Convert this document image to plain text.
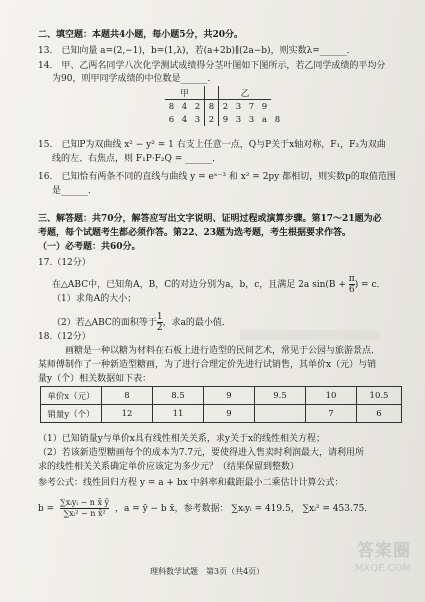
二、填空题：本题共4小题，每小题5分，共20分。
13.　已知向量 a=(2,−1)，b=(1,λ)，若(a+2b)∥(2a−b)，则实数λ=______．
14.　甲、乙两名同学八次化学测试成绩得分茎叶图如下图所示，若乙同学成绩的平均分
为90，则甲同学成绩的中位数是______．
甲				乙				
8	4	2	8	2	3	7	9	
6	4	3	2	9	3	3	a	8
15.　已知P为双曲线 x² − y² = 1 右支上任意一点，Q与P关于x轴对称，F₁，F₂为双曲
线的左、右焦点，则 F₁P·F₂Q = ______．
16.　已知恰有两条不同的直线与曲线 y = eˣ⁻³ 和 x² = 2py 都相切，则实数p的取值范围
是______．
三、解答题：共70分，解答应写出文字说明、证明过程或演算步骤。第17～21题为必
考题，每个试题考生都必须作答。第22、23题为选考题，考生根据要求作答。
（一）必考题：共60分。
17.（12分）
在△ABC中，已知角A，B，C的对边分别为a，b，c，且满足 2a $\sin(B + \frac{\pi}{6}$ ) = c．
（1）求角A的大小；
（2）若△ABC的面积等于 $\frac{1}{2}$ ，求a的最小值．
18.（12分）
　　　画糖是一种以糖为材料在石板上进行造型的民间艺术，常见于公园与旅游景点．
某师傅制作了一种新造型糖画，为了进行合理定价先进行试销售，其单价x（元）与销
量y（个）相关数据如下表：
单价x（元）	8	8.5	9	9.5	10	10.5
销量y（个）	12	11	9		7	6
（1）已知销量y与单价x具有线性相关关系，求y关于x的线性相关方程；
（2）若该新造型糖画每个的成本为7.7元，要使得进入售卖时利润最大，请利用所
求的线性相关关系确定单价应该定为多少元？（结果保留到整数）
参考公式：线性回归方程 y = a + bx 中斜率和截距最小二乘估计计算公式：
$b = \frac{\text{∑xᵢyᵢ − n x̄ ȳ}}{\text{∑xᵢ² − n x̄²}}$ ，a = ȳ − b x̄，参考数据： ∑xᵢyᵢ = 419.5， ∑xᵢ² = 453.75．
理科数学试题　第3页（共4页）
答案圈
MXQE.COM
